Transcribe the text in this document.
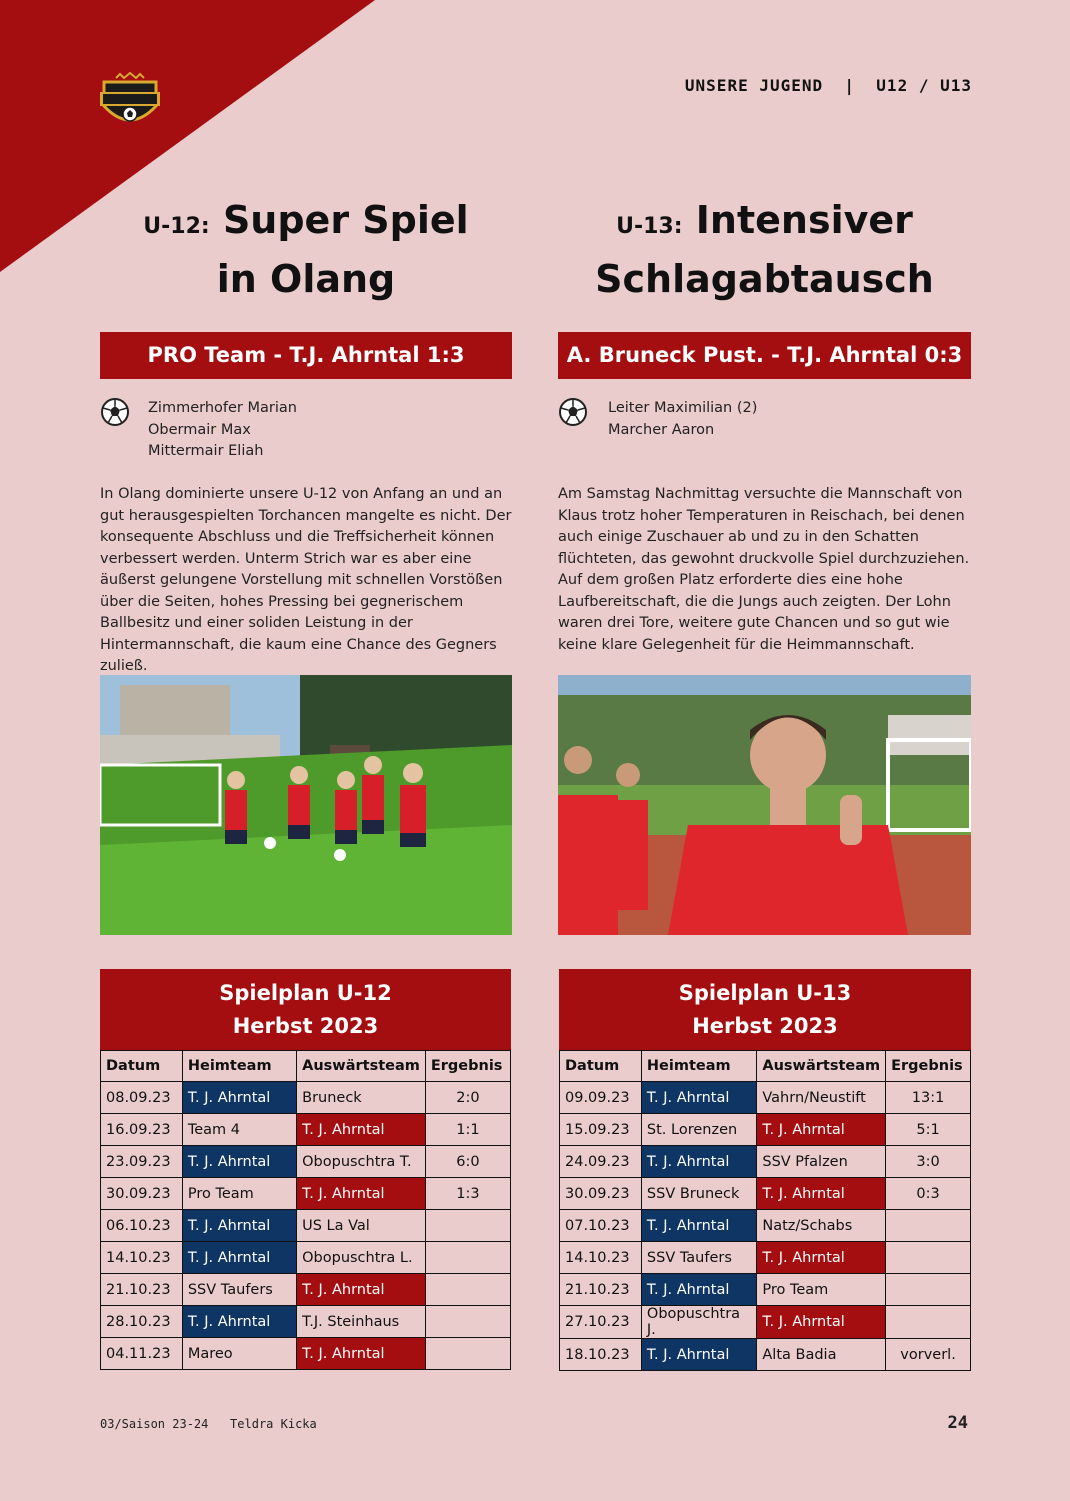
UNSERE JUGEND  |  U12 / U13
U-12: Super Spiel
in Olang
U-13: Intensiver
Schlagabtausch
PRO Team - T.J. Ahrntal 1:3	A. Bruneck Pust. - T.J. Ahrntal 0:3
Zimmerhofer Marian
Obermair Max
Mittermair Eliah
Leiter Maximilian (2)
Marcher Aaron
In Olang dominierte unsere U-12 von Anfang an und an gut herausgespielten Torchancen mangelte es nicht. Der konsequente Abschluss und die Treffsicherheit können verbessert werden. Unterm Strich war es aber eine äußerst gelungene Vorstellung mit schnellen Vorstößen über die Seiten, hohes Pressing bei gegnerischem Ballbesitz und einer soliden Leistung in der Hintermannschaft, die kaum eine Chance des Gegners zuließ.
Am Samstag Nachmittag versuchte die Mannschaft von Klaus trotz hoher Temperaturen in Reischach, bei denen auch einige Zuschauer ab und zu in den Schatten flüchteten, das gewohnt druckvolle Spiel durchzuziehen. Auf dem großen Platz erforderte dies eine hohe Laufbereitschaft, die die Jungs auch zeigten. Der Lohn waren drei Tore, weitere gute Chancen und so gut wie keine klare Gelegenheit für die Heimmannschaft.
Spielplan U-12
Herbst 2023
Datum	Heimteam	Auswärtsteam	Ergebnis
08.09.23	T. J. Ahrntal	Bruneck	2:0
16.09.23	Team 4	T. J. Ahrntal	1:1
23.09.23	T. J. Ahrntal	Obopuschtra T.	6:0
30.09.23	Pro Team	T. J. Ahrntal	1:3
06.10.23	T. J. Ahrntal	US La Val	
14.10.23	T. J. Ahrntal	Obopuschtra L.	
21.10.23	SSV Taufers	T. J. Ahrntal	
28.10.23	T. J. Ahrntal	T.J. Steinhaus	
04.11.23	Mareo	T. J. Ahrntal	
Spielplan U-13
Herbst 2023
Datum	Heimteam	Auswärtsteam	Ergebnis
09.09.23	T. J. Ahrntal	Vahrn/Neustift	13:1
15.09.23	St. Lorenzen	T. J. Ahrntal	5:1
24.09.23	T. J. Ahrntal	SSV Pfalzen	3:0
30.09.23	SSV Bruneck	T. J. Ahrntal	0:3
07.10.23	T. J. Ahrntal	Natz/Schabs	
14.10.23	SSV Taufers	T. J. Ahrntal	
21.10.23	T. J. Ahrntal	Pro Team	
27.10.23	Obopuschtra J.	T. J. Ahrntal	
18.10.23	T. J. Ahrntal	Alta Badia	vorverl.
03/Saison 23-24   Teldra Kicka	24
